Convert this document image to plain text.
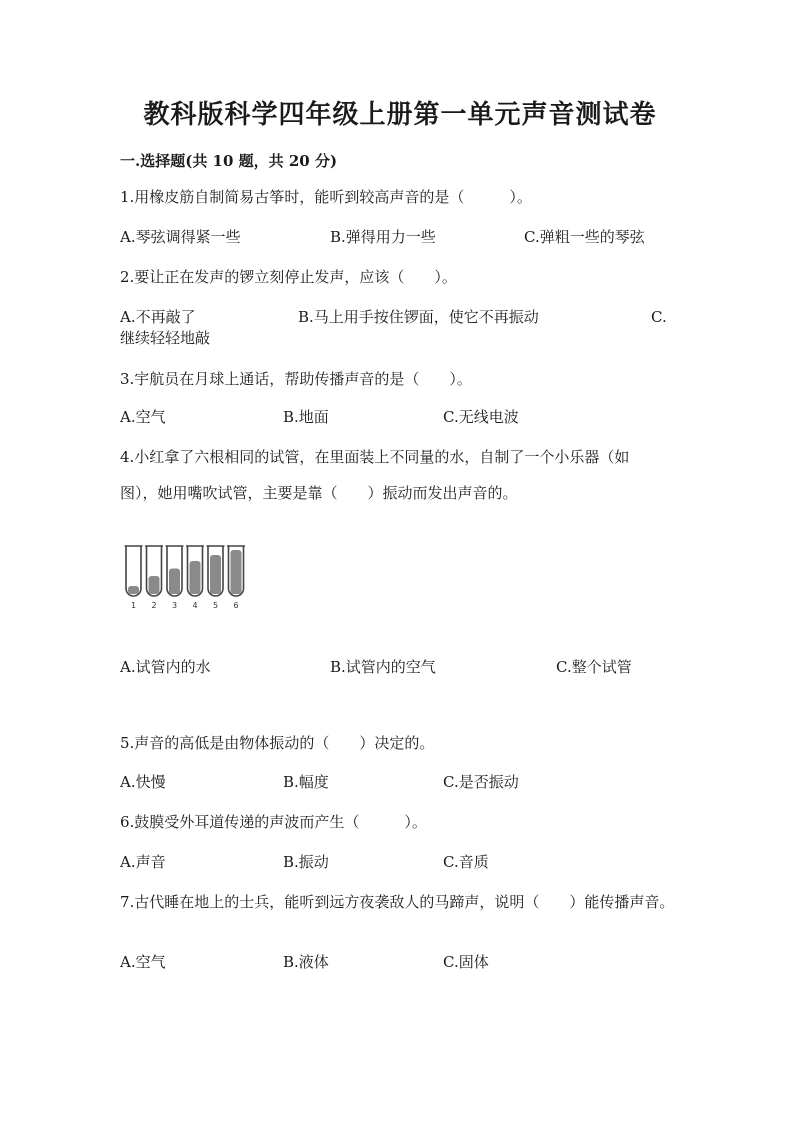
教科版科学四年级上册第一单元声音测试卷
一.选择题(共 10 题，共 20 分)
1.用橡皮筋自制简易古筝时，能听到较高声音的是（　　　）。
A.琴弦调得紧一些	B.弹得用力一些	C.弹粗一些的琴弦
2.要让正在发声的锣立刻停止发声，应该（　　）。
A.不再敲了	B.马上用手按住锣面，使它不再振动	C.
继续轻轻地敲
3.宇航员在月球上通话，帮助传播声音的是（　　）。
A.空气	B.地面	C.无线电波
4.小红拿了六根相同的试管，在里面装上不同量的水，自制了一个小乐器（如
图），她用嘴吹试管，主要是靠（　　）振动而发出声音的。
1 2 3 4 5 6
A.试管内的水	B.试管内的空气	C.整个试管
5.声音的高低是由物体振动的（　　）决定的。
A.快慢	B.幅度	C.是否振动
6.鼓膜受外耳道传递的声波而产生（　　　）。
A.声音	B.振动	C.音质
7.古代睡在地上的士兵，能听到远方夜袭敌人的马蹄声，说明（　　）能传播声音。
A.空气	B.液体	C.固体
